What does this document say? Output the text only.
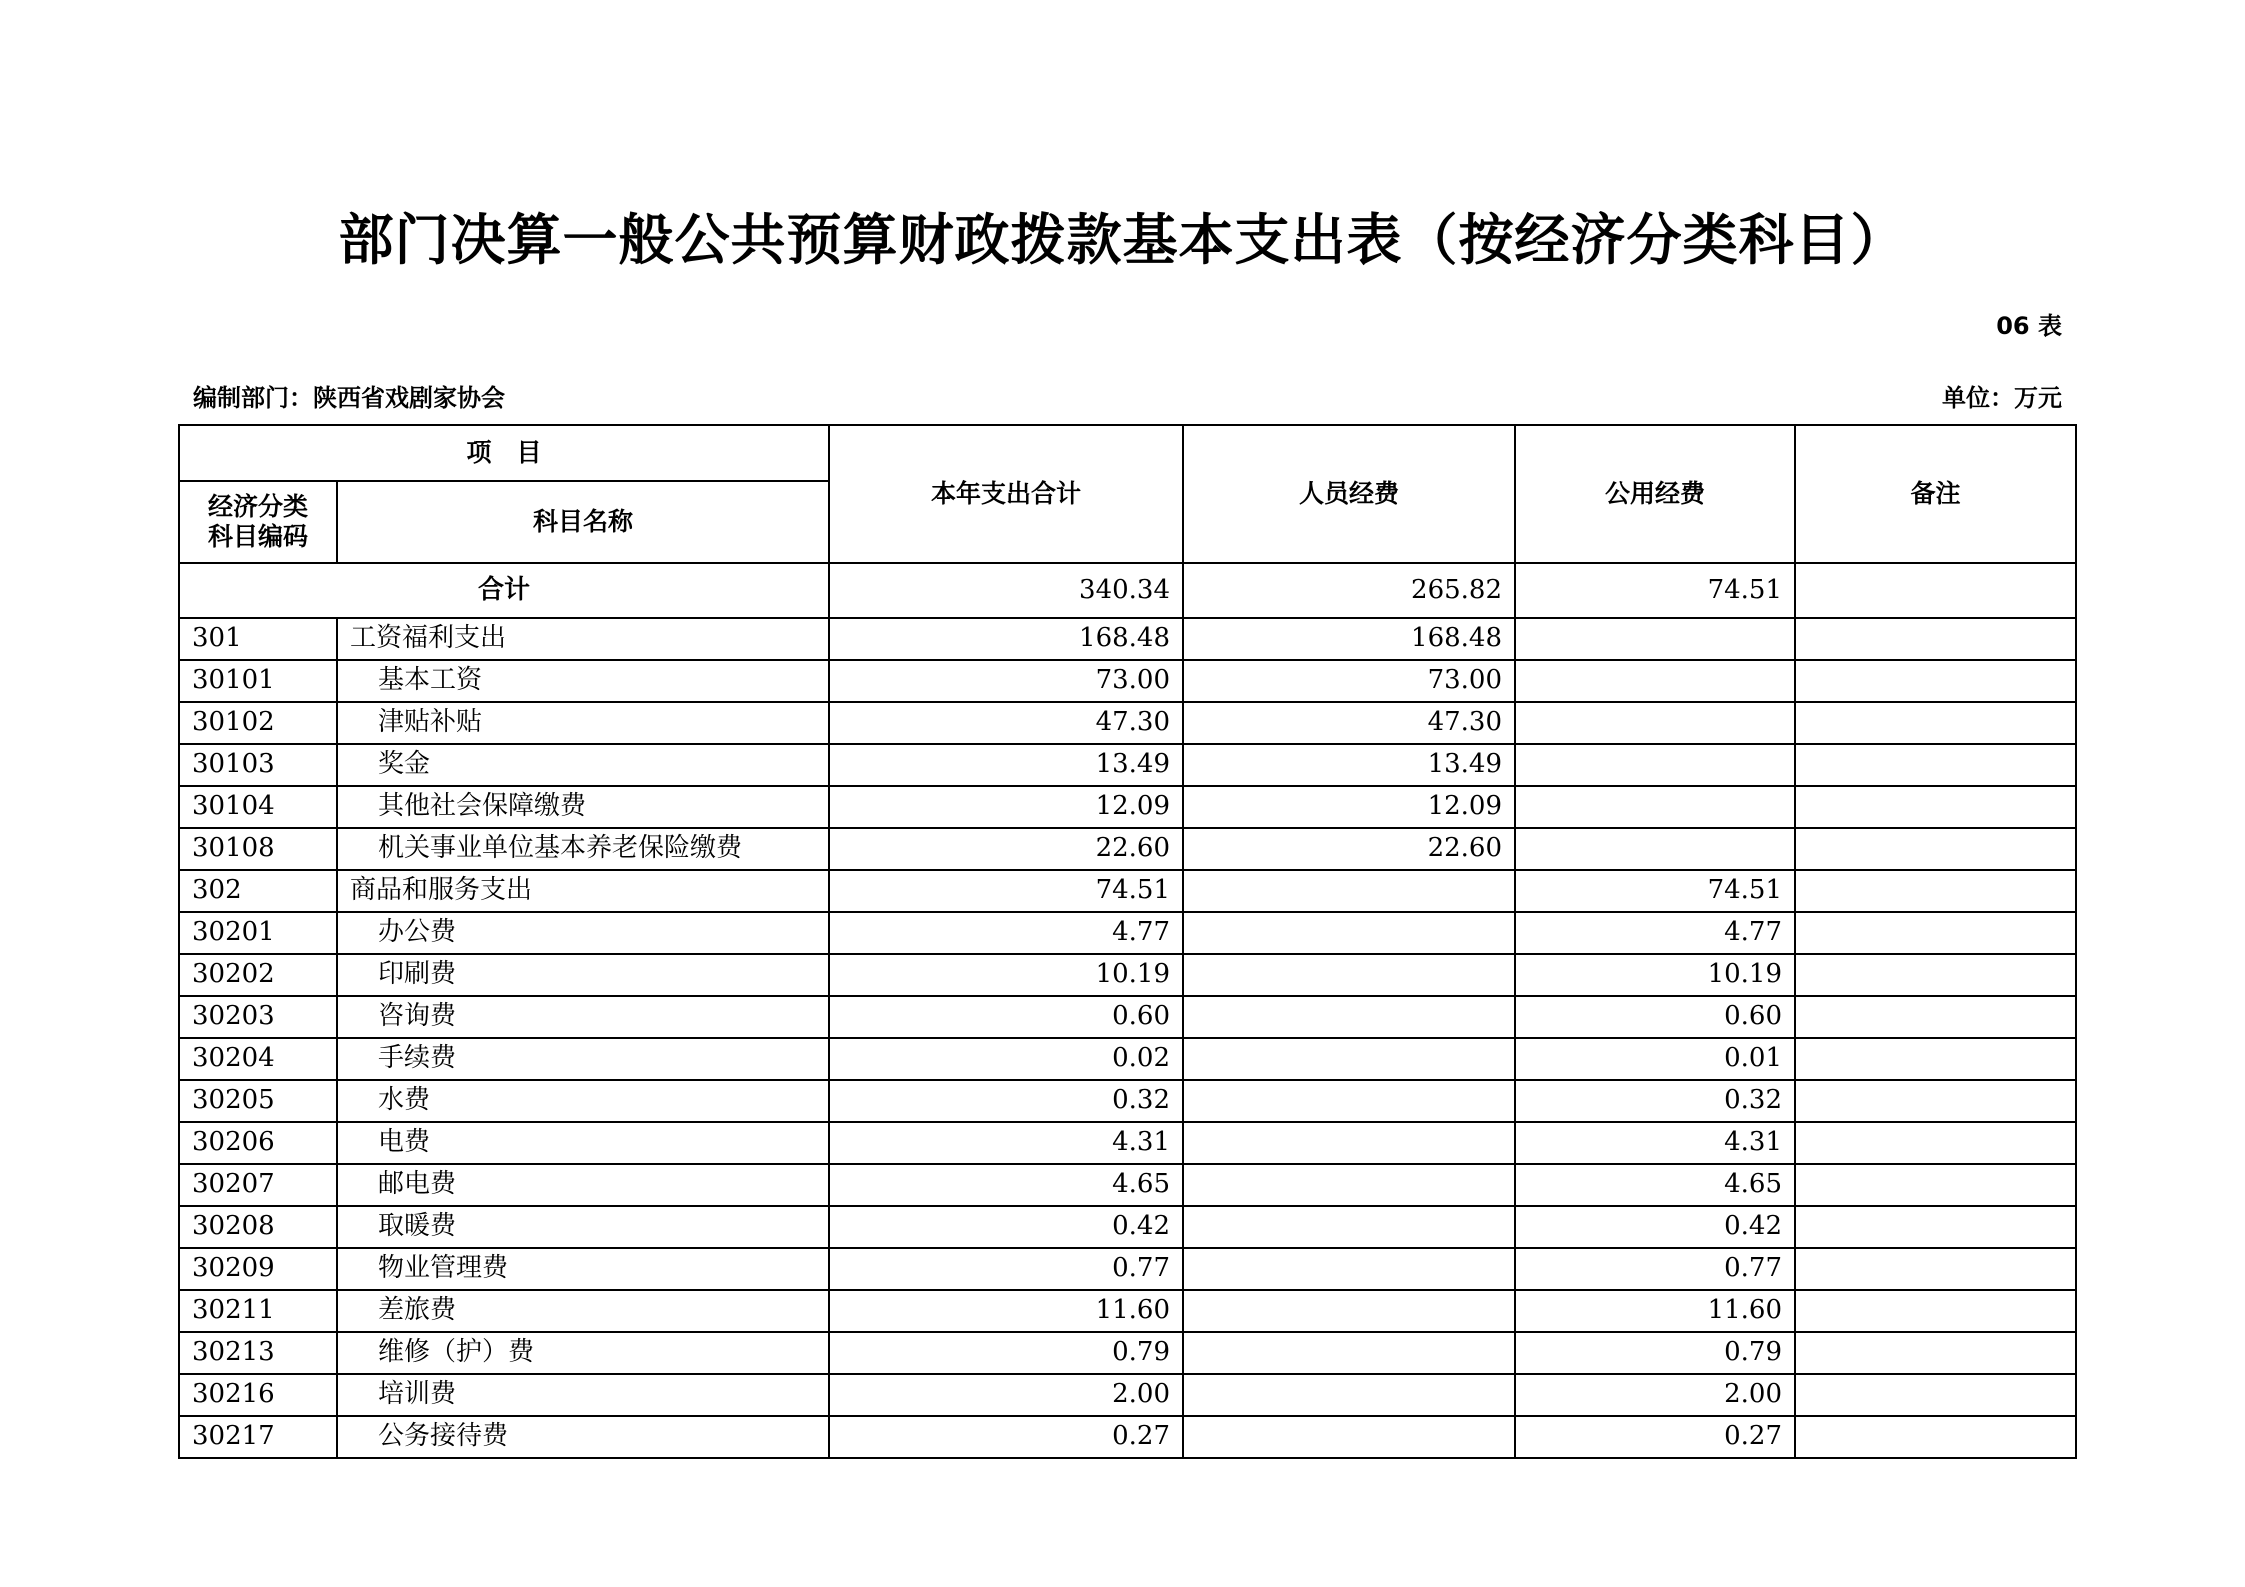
部门决算一般公共预算财政拨款基本支出表（按经济分类科目）
06 表
编制部门：陕西省戏剧家协会	单位：万元
项　目		本年支出合计	人员经费	公用经费	备注
经济分类科目编码	科目名称				
合计		340.34	265.82	74.51	
301	工资福利支出	168.48	168.48		
30101	基本工资	73.00	73.00		
30102	津贴补贴	47.30	47.30		
30103	奖金	13.49	13.49		
30104	其他社会保障缴费	12.09	12.09		
30108	机关事业单位基本养老保险缴费	22.60	22.60		
302	商品和服务支出	74.51		74.51	
30201	办公费	4.77		4.77	
30202	印刷费	10.19		10.19	
30203	咨询费	0.60		0.60	
30204	手续费	0.02		0.01	
30205	水费	0.32		0.32	
30206	电费	4.31		4.31	
30207	邮电费	4.65		4.65	
30208	取暖费	0.42		0.42	
30209	物业管理费	0.77		0.77	
30211	差旅费	11.60		11.60	
30213	维修（护）费	0.79		0.79	
30216	培训费	2.00		2.00	
30217	公务接待费	0.27		0.27	
